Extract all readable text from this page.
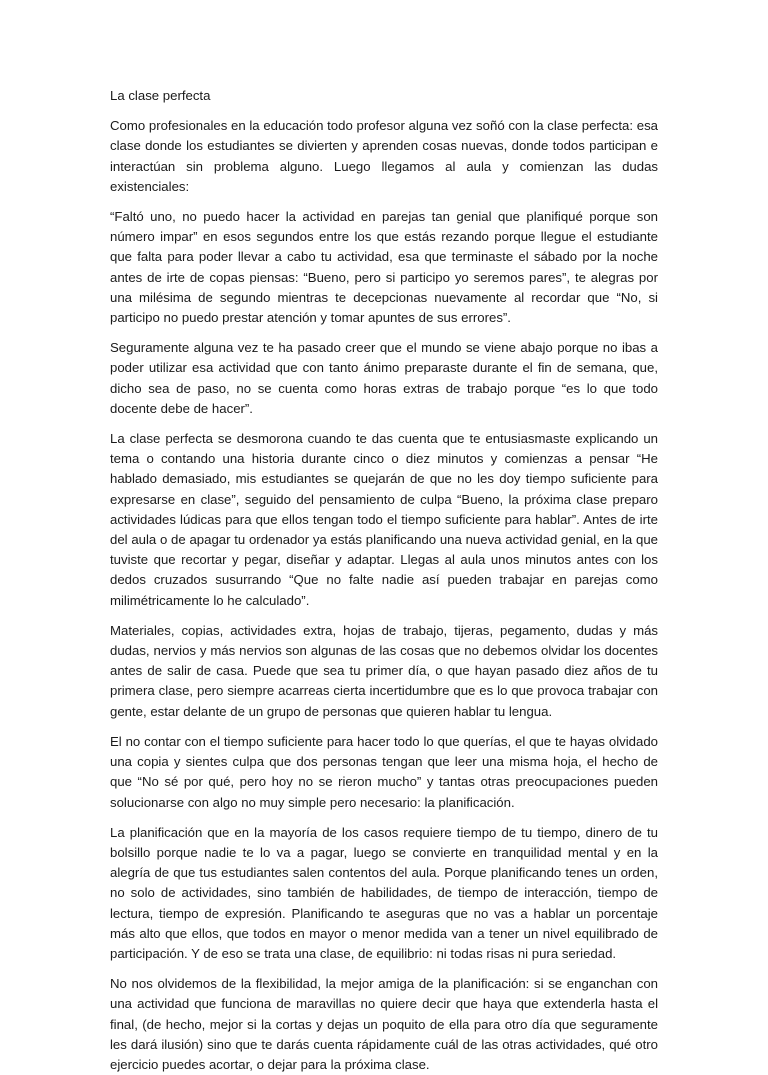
La clase perfecta

Como profesionales en la educación todo profesor alguna vez soñó con la clase perfecta: esa clase donde los estudiantes se divierten y aprenden cosas nuevas, donde todos participan e interactúan sin problema alguno. Luego llegamos al aula y comienzan las dudas existenciales:

“Faltó uno, no puedo hacer la actividad en parejas tan genial que planifiqué porque son número impar” en esos segundos entre los que estás rezando porque llegue el estudiante que falta para poder llevar a cabo tu actividad, esa que terminaste el sábado por la noche antes de irte de copas piensas: “Bueno, pero si participo yo seremos pares”, te alegras por una milésima de segundo mientras te decepcionas nuevamente al recordar que “No, si participo no puedo prestar atención y tomar apuntes de sus errores”.

Seguramente alguna vez te ha pasado creer que el mundo se viene abajo porque no ibas a poder utilizar esa actividad que con tanto ánimo preparaste durante el fin de semana, que, dicho sea de paso, no se cuenta como horas extras de trabajo porque “es lo que todo docente debe de hacer”.

La clase perfecta se desmorona cuando te das cuenta que te entusiasmaste explicando un tema o contando una historia durante cinco o diez minutos y comienzas a pensar “He hablado demasiado, mis estudiantes se quejarán de que no les doy tiempo suficiente para expresarse en clase”, seguido del pensamiento de culpa “Bueno, la próxima clase preparo actividades lúdicas para que ellos tengan todo el tiempo suficiente para hablar”. Antes de irte del aula o de apagar tu ordenador ya estás planificando una nueva actividad genial, en la que tuviste que recortar y pegar, diseñar y adaptar. Llegas al aula unos minutos antes con los dedos cruzados susurrando “Que no falte nadie así pueden trabajar en parejas como milimétricamente lo he calculado”.

Materiales, copias, actividades extra, hojas de trabajo, tijeras, pegamento, dudas y más dudas, nervios y más nervios son algunas de las cosas que no debemos olvidar los docentes antes de salir de casa. Puede que sea tu primer día, o que hayan pasado diez años de tu primera clase, pero siempre acarreas cierta incertidumbre que es lo que provoca trabajar con gente, estar delante de un grupo de personas que quieren hablar tu lengua.

El no contar con el tiempo suficiente para hacer todo lo que querías, el que te hayas olvidado una copia y sientes culpa que dos personas tengan que leer una misma hoja, el hecho de que “No sé por qué, pero hoy no se rieron mucho” y tantas otras preocupaciones pueden solucionarse con algo no muy simple pero necesario: la planificación.

La planificación que en la mayoría de los casos requiere tiempo de tu tiempo, dinero de tu bolsillo porque nadie te lo va a pagar, luego se convierte en tranquilidad mental y en la alegría de que tus estudiantes salen contentos del aula. Porque planificando tenes un orden, no solo de actividades, sino también de habilidades, de tiempo de interacción, tiempo de lectura, tiempo de expresión. Planificando te aseguras que no vas a hablar un porcentaje más alto que ellos, que todos en mayor o menor medida van a tener un nivel equilibrado de participación. Y de eso se trata una clase, de equilibrio: ni todas risas ni pura seriedad.

No nos olvidemos de la flexibilidad, la mejor amiga de la planificación: si se enganchan con una actividad que funciona de maravillas no quiere decir que haya que extenderla hasta el final, (de hecho, mejor si la cortas y dejas un poquito de ella para otro día que seguramente les dará ilusión) sino que te darás cuenta rápidamente cuál de las otras actividades, qué otro ejercicio puedes acortar, o dejar para la próxima clase.
